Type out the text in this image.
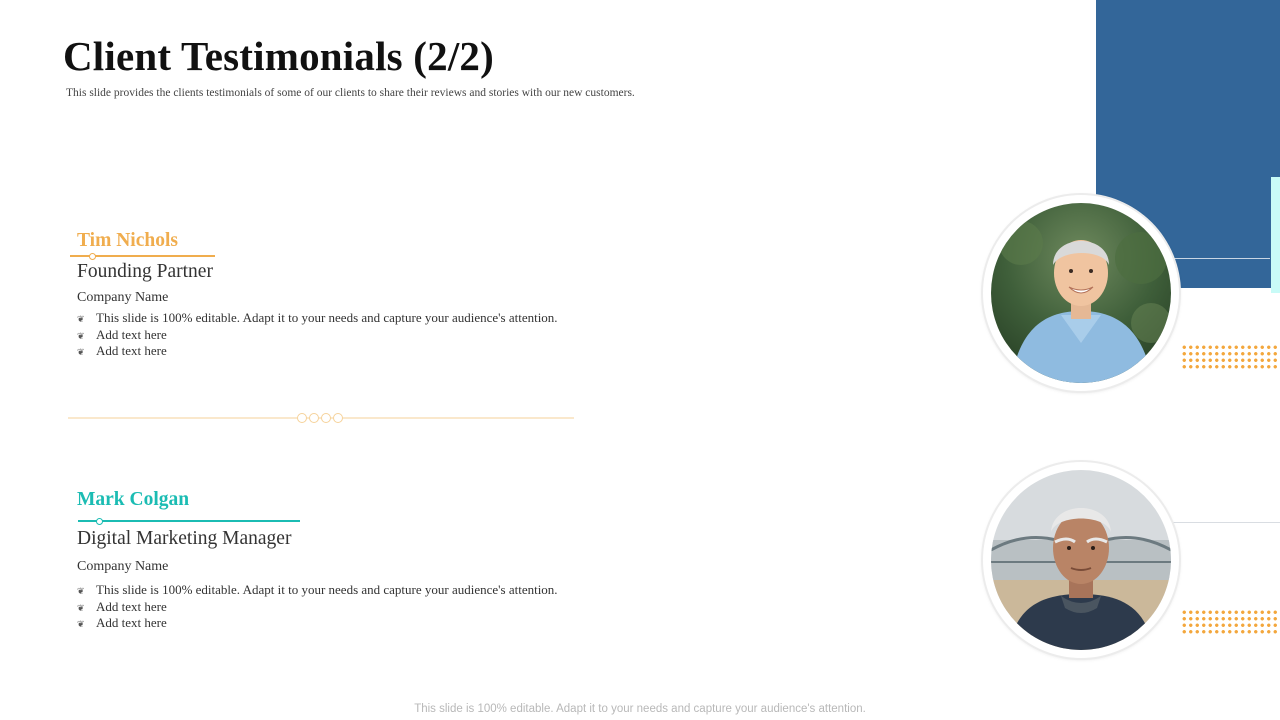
Client Testimonials (2/2)
This slide provides the clients testimonials of some of our clients to share their reviews and stories with our new customers.
Tim Nichols
Founding Partner
Company Name
❦ This slide is 100% editable. Adapt it to your needs and capture your audience's attention.
❦ Add text here
❦ Add text here
Mark Colgan
Digital Marketing Manager
Company Name
❦ This slide is 100% editable. Adapt it to your needs and capture your audience's attention.
❦ Add text here
❦ Add text here
This slide is 100% editable. Adapt it to your needs and capture your audience's attention.
